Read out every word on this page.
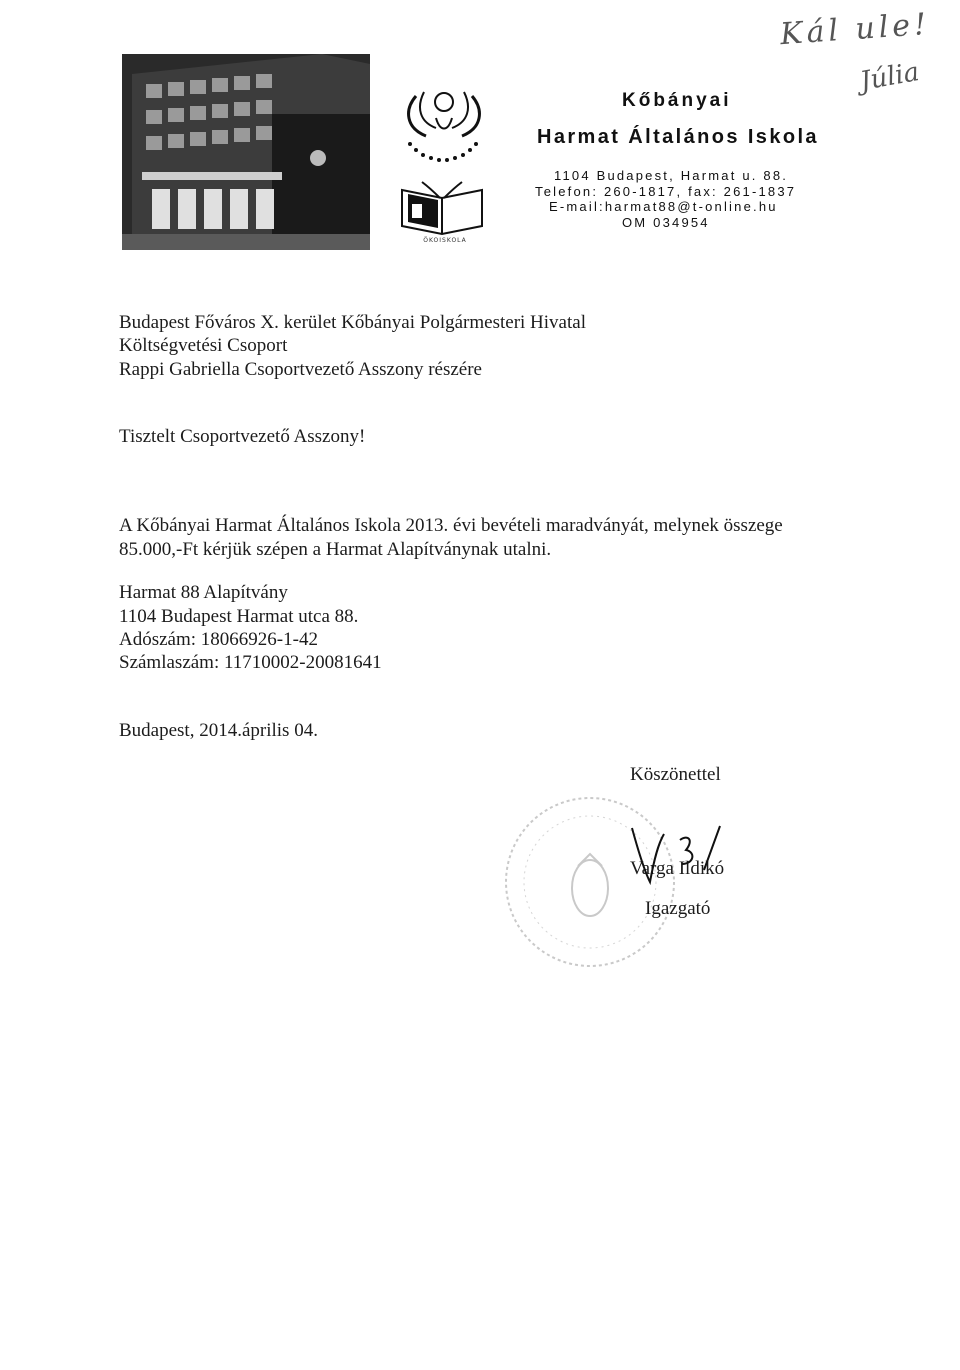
Kál ule!
Júlia
ÖKOISKOLA
Kőbányai
Harmat Általános Iskola
1104 Budapest, Harmat u. 88.
Telefon: 260-1817, fax: 261-1837
E-mail:harmat88@t-online.hu
OM 034954
Budapest Főváros X. kerület Kőbányai Polgármesteri Hivatal
Költségvetési Csoport
Rappi Gabriella Csoportvezető Asszony részére
Tisztelt Csoportvezető Asszony!
A Kőbányai Harmat Általános Iskola 2013. évi bevételi maradványát, melynek összege
85.000,-Ft kérjük szépen a Harmat Alapítványnak utalni.
Harmat 88 Alapítvány
1104 Budapest Harmat utca 88.
Adószám: 18066926-1-42
Számlaszám: 11710002-20081641
Budapest, 2014.április 04.
Köszönettel
Varga Ildikó
Igazgató
